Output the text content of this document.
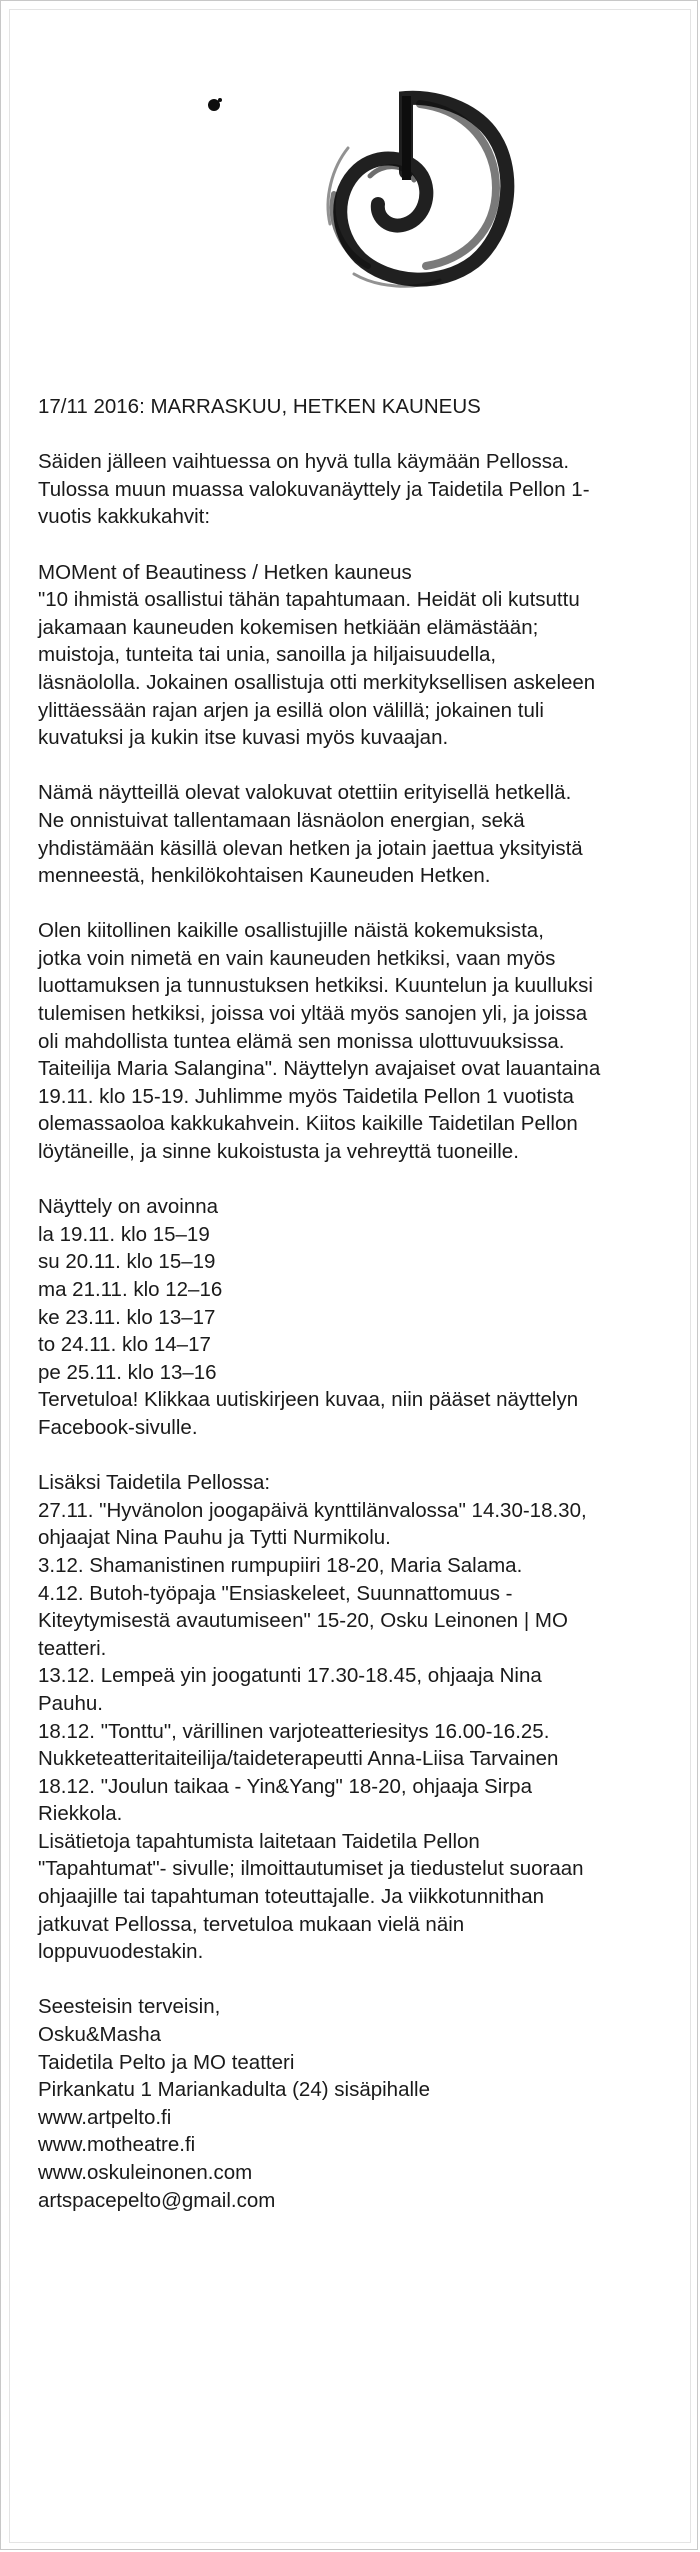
17/11 2016: MARRASKUU, HETKEN KAUNEUS
Säiden jälleen vaihtuessa on hyvä tulla käymään Pellossa.
Tulossa muun muassa valokuvanäyttely ja Taidetila Pellon 1-
vuotis kakkukahvit:
MOMent of Beautiness / Hetken kauneus
"10 ihmistä osallistui tähän tapahtumaan. Heidät oli kutsuttu
jakamaan kauneuden kokemisen hetkiään elämästään;
muistoja, tunteita tai unia, sanoilla ja hiljaisuudella,
läsnäololla. Jokainen osallistuja otti merkityksellisen askeleen
ylittäessään rajan arjen ja esillä olon välillä; jokainen tuli
kuvatuksi ja kukin itse kuvasi myös kuvaajan.
Nämä näytteillä olevat valokuvat otettiin erityisellä hetkellä.
Ne onnistuivat tallentamaan läsnäolon energian, sekä
yhdistämään käsillä olevan hetken ja jotain jaettua yksityistä
menneestä, henkilökohtaisen Kauneuden Hetken.
Olen kiitollinen kaikille osallistujille näistä kokemuksista,
jotka voin nimetä en vain kauneuden hetkiksi, vaan myös
luottamuksen ja tunnustuksen hetkiksi. Kuuntelun ja kuulluksi
tulemisen hetkiksi, joissa voi yltää myös sanojen yli, ja joissa
oli mahdollista tuntea elämä sen monissa ulottuvuuksissa.
Taiteilija Maria Salangina". Näyttelyn avajaiset ovat lauantaina
19.11. klo 15-19. Juhlimme myös Taidetila Pellon 1 vuotista
olemassaoloa kakkukahvein. Kiitos kaikille Taidetilan Pellon
löytäneille, ja sinne kukoistusta ja vehreyttä tuoneille.
Näyttely on avoinna
la 19.11. klo 15–19
su 20.11. klo 15–19
ma 21.11. klo 12–16
ke 23.11. klo 13–17
to 24.11. klo 14–17
pe 25.11. klo 13–16
Tervetuloa! Klikkaa uutiskirjeen kuvaa, niin pääset näyttelyn
Facebook-sivulle.
Lisäksi Taidetila Pellossa:
27.11. "Hyvänolon joogapäivä kynttilänvalossa" 14.30-18.30,
ohjaajat Nina Pauhu ja Tytti Nurmikolu.
3.12. Shamanistinen rumpupiiri 18-20, Maria Salama.
4.12. Butoh-työpaja "Ensiaskeleet, Suunnattomuus -
Kiteytymisestä avautumiseen" 15-20, Osku Leinonen | MO
teatteri.
13.12. Lempeä yin joogatunti 17.30-18.45, ohjaaja Nina
Pauhu.
18.12. "Tonttu", värillinen varjoteatteriesitys 16.00-16.25.
Nukketeatteritaiteilija/taideterapeutti Anna-Liisa Tarvainen
18.12. "Joulun taikaa - Yin&Yang" 18-20, ohjaaja Sirpa
Riekkola.
Lisätietoja tapahtumista laitetaan Taidetila Pellon
"Tapahtumat"- sivulle; ilmoittautumiset ja tiedustelut suoraan
ohjaajille tai tapahtuman toteuttajalle. Ja viikkotunnithan
jatkuvat Pellossa, tervetuloa mukaan vielä näin
loppuvuodestakin.
Seesteisin terveisin,
Osku&Masha
Taidetila Pelto ja MO teatteri
Pirkankatu 1 Mariankadulta (24) sisäpihalle
www.artpelto.fi
www.motheatre.fi
www.oskuleinonen.com
artspacepelto@gmail.com
